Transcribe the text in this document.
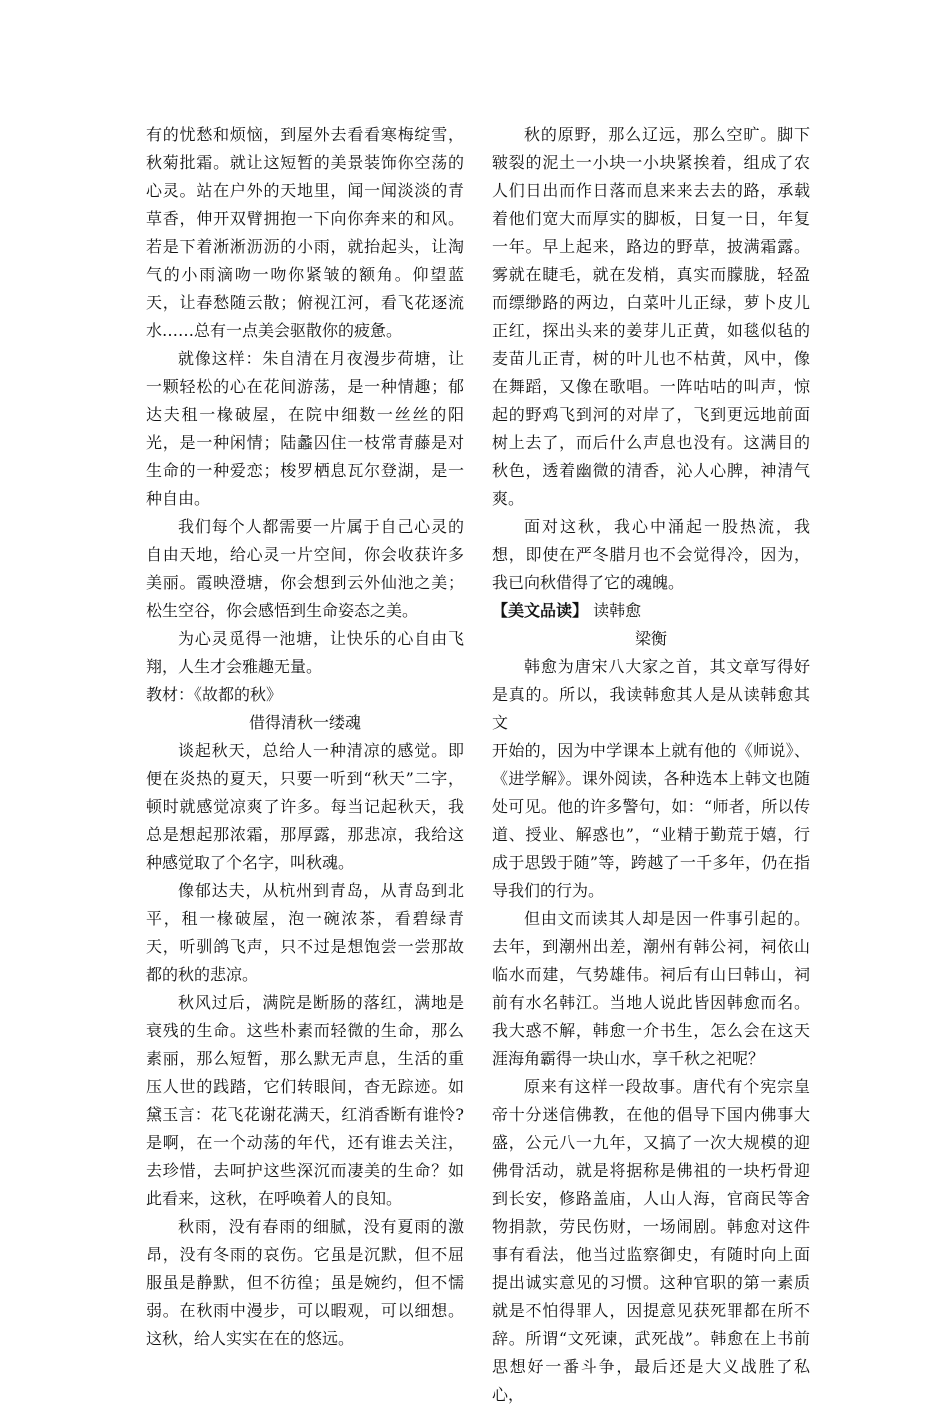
有的忧愁和烦恼，到屋外去看看寒梅绽雪，秋菊批霜。就让这短暂的美景装饰你空荡的心灵。站在户外的天地里，闻一闻淡淡的青草香，伸开双臂拥抱一下向你奔来的和风。若是下着淅淅沥沥的小雨，就抬起头，让淘气的小雨滴吻一吻你紧皱的额角。仰望蓝天，让春愁随云散；俯视江河，看飞花逐流水……总有一点美会驱散你的疲惫。

就像这样：朱自清在月夜漫步荷塘，让一颗轻松的心在花间游荡，是一种情趣；郁达夫租一椽破屋，在院中细数一丝丝的阳光，是一种闲情；陆蠡囚住一枝常青藤是对生命的一种爱恋；梭罗栖息瓦尔登湖，是一种自由。

我们每个人都需要一片属于自己心灵的自由天地，给心灵一片空间，你会收获许多美丽。霞映澄塘，你会想到云外仙池之美；松生空谷，你会感悟到生命姿态之美。

为心灵觅得一池塘，让快乐的心自由飞翔，人生才会雅趣无量。

教材：《故都的秋》

借得清秋一缕魂

谈起秋天，总给人一种清凉的感觉。即便在炎热的夏天，只要一听到“秋天”二字，顿时就感觉凉爽了许多。每当记起秋天，我总是想起那浓霜，那厚露，那悲凉，我给这种感觉取了个名字，叫秋魂。

像郁达夫，从杭州到青岛，从青岛到北平，租一椽破屋，泡一碗浓茶，看碧绿青天，听驯鸽飞声，只不过是想饱尝一尝那故都的秋的悲凉。

秋风过后，满院是断肠的落红，满地是衰残的生命。这些朴素而轻微的生命，那么素丽，那么短暂，那么默无声息，生活的重压人世的践踏，它们转眼间，杳无踪迹。如黛玉言：花飞花谢花满天，红消香断有谁怜?是啊，在一个动荡的年代，还有谁去关注，去珍惜，去呵护这些深沉而凄美的生命？如此看来，这秋，在呼唤着人的良知。

秋雨，没有春雨的细腻，没有夏雨的激昂，没有冬雨的哀伤。它虽是沉默，但不屈服虽是静默，但不彷徨；虽是婉约，但不懦弱。在秋雨中漫步，可以暇观，可以细想。这秋，给人实实在在的悠远。

秋的原野，那么辽远，那么空旷。脚下皲裂的泥土一小块一小块紧挨着，组成了农人们日出而作日落而息来来去去的路，承载着他们宽大而厚实的脚板，日复一日，年复一年。早上起来，路边的野草，披满霜露。雾就在睫毛，就在发梢，真实而朦胧，轻盈而缥缈路的两边，白菜叶儿正绿，萝卜皮儿正红，探出头来的姜芽儿正黄，如毯似毡的麦苗儿正青，树的叶儿也不枯黄，风中，像在舞蹈，又像在歌唱。一阵咕咕的叫声，惊起的野鸡飞到河的对岸了，飞到更远地前面树上去了，而后什么声息也没有。这满目的秋色，透着幽微的清香，沁人心脾，神清气爽。

面对这秋，我心中涌起一股热流，我想，即使在严冬腊月也不会觉得冷，因为，我已向秋借得了它的魂魄。

【美文品读】 读韩愈

梁衡

韩愈为唐宋八大家之首，其文章写得好是真的。所以，我读韩愈其人是从读韩愈其文

开始的，因为中学课本上就有他的《师说》、《进学解》。课外阅读，各种选本上韩文也随处可见。他的许多警句，如：“师者，所以传道、授业、解惑也”，“业精于勤荒于嬉，行成于思毁于随”等，跨越了一千多年，仍在指导我们的行为。

但由文而读其人却是因一件事引起的。去年，到潮州出差，潮州有韩公祠，祠依山临水而建，气势雄伟。祠后有山曰韩山，祠前有水名韩江。当地人说此皆因韩愈而名。我大惑不解，韩愈一介书生，怎么会在这天涯海角霸得一块山水，享千秋之祀呢？

原来有这样一段故事。唐代有个宪宗皇帝十分迷信佛教，在他的倡导下国内佛事大盛，公元八一九年，又搞了一次大规模的迎佛骨活动，就是将据称是佛祖的一块朽骨迎到长安，修路盖庙，人山人海，官商民等舍物捐款，劳民伤财，一场闹剧。韩愈对这件事有看法，他当过监察御史，有随时向上面提出诚实意见的习惯。这种官职的第一素质就是不怕得罪人，因提意见获死罪都在所不辞。所谓“文死谏，武死战”。韩愈在上书前思想好一番斗争，最后还是大义战胜了私心，
